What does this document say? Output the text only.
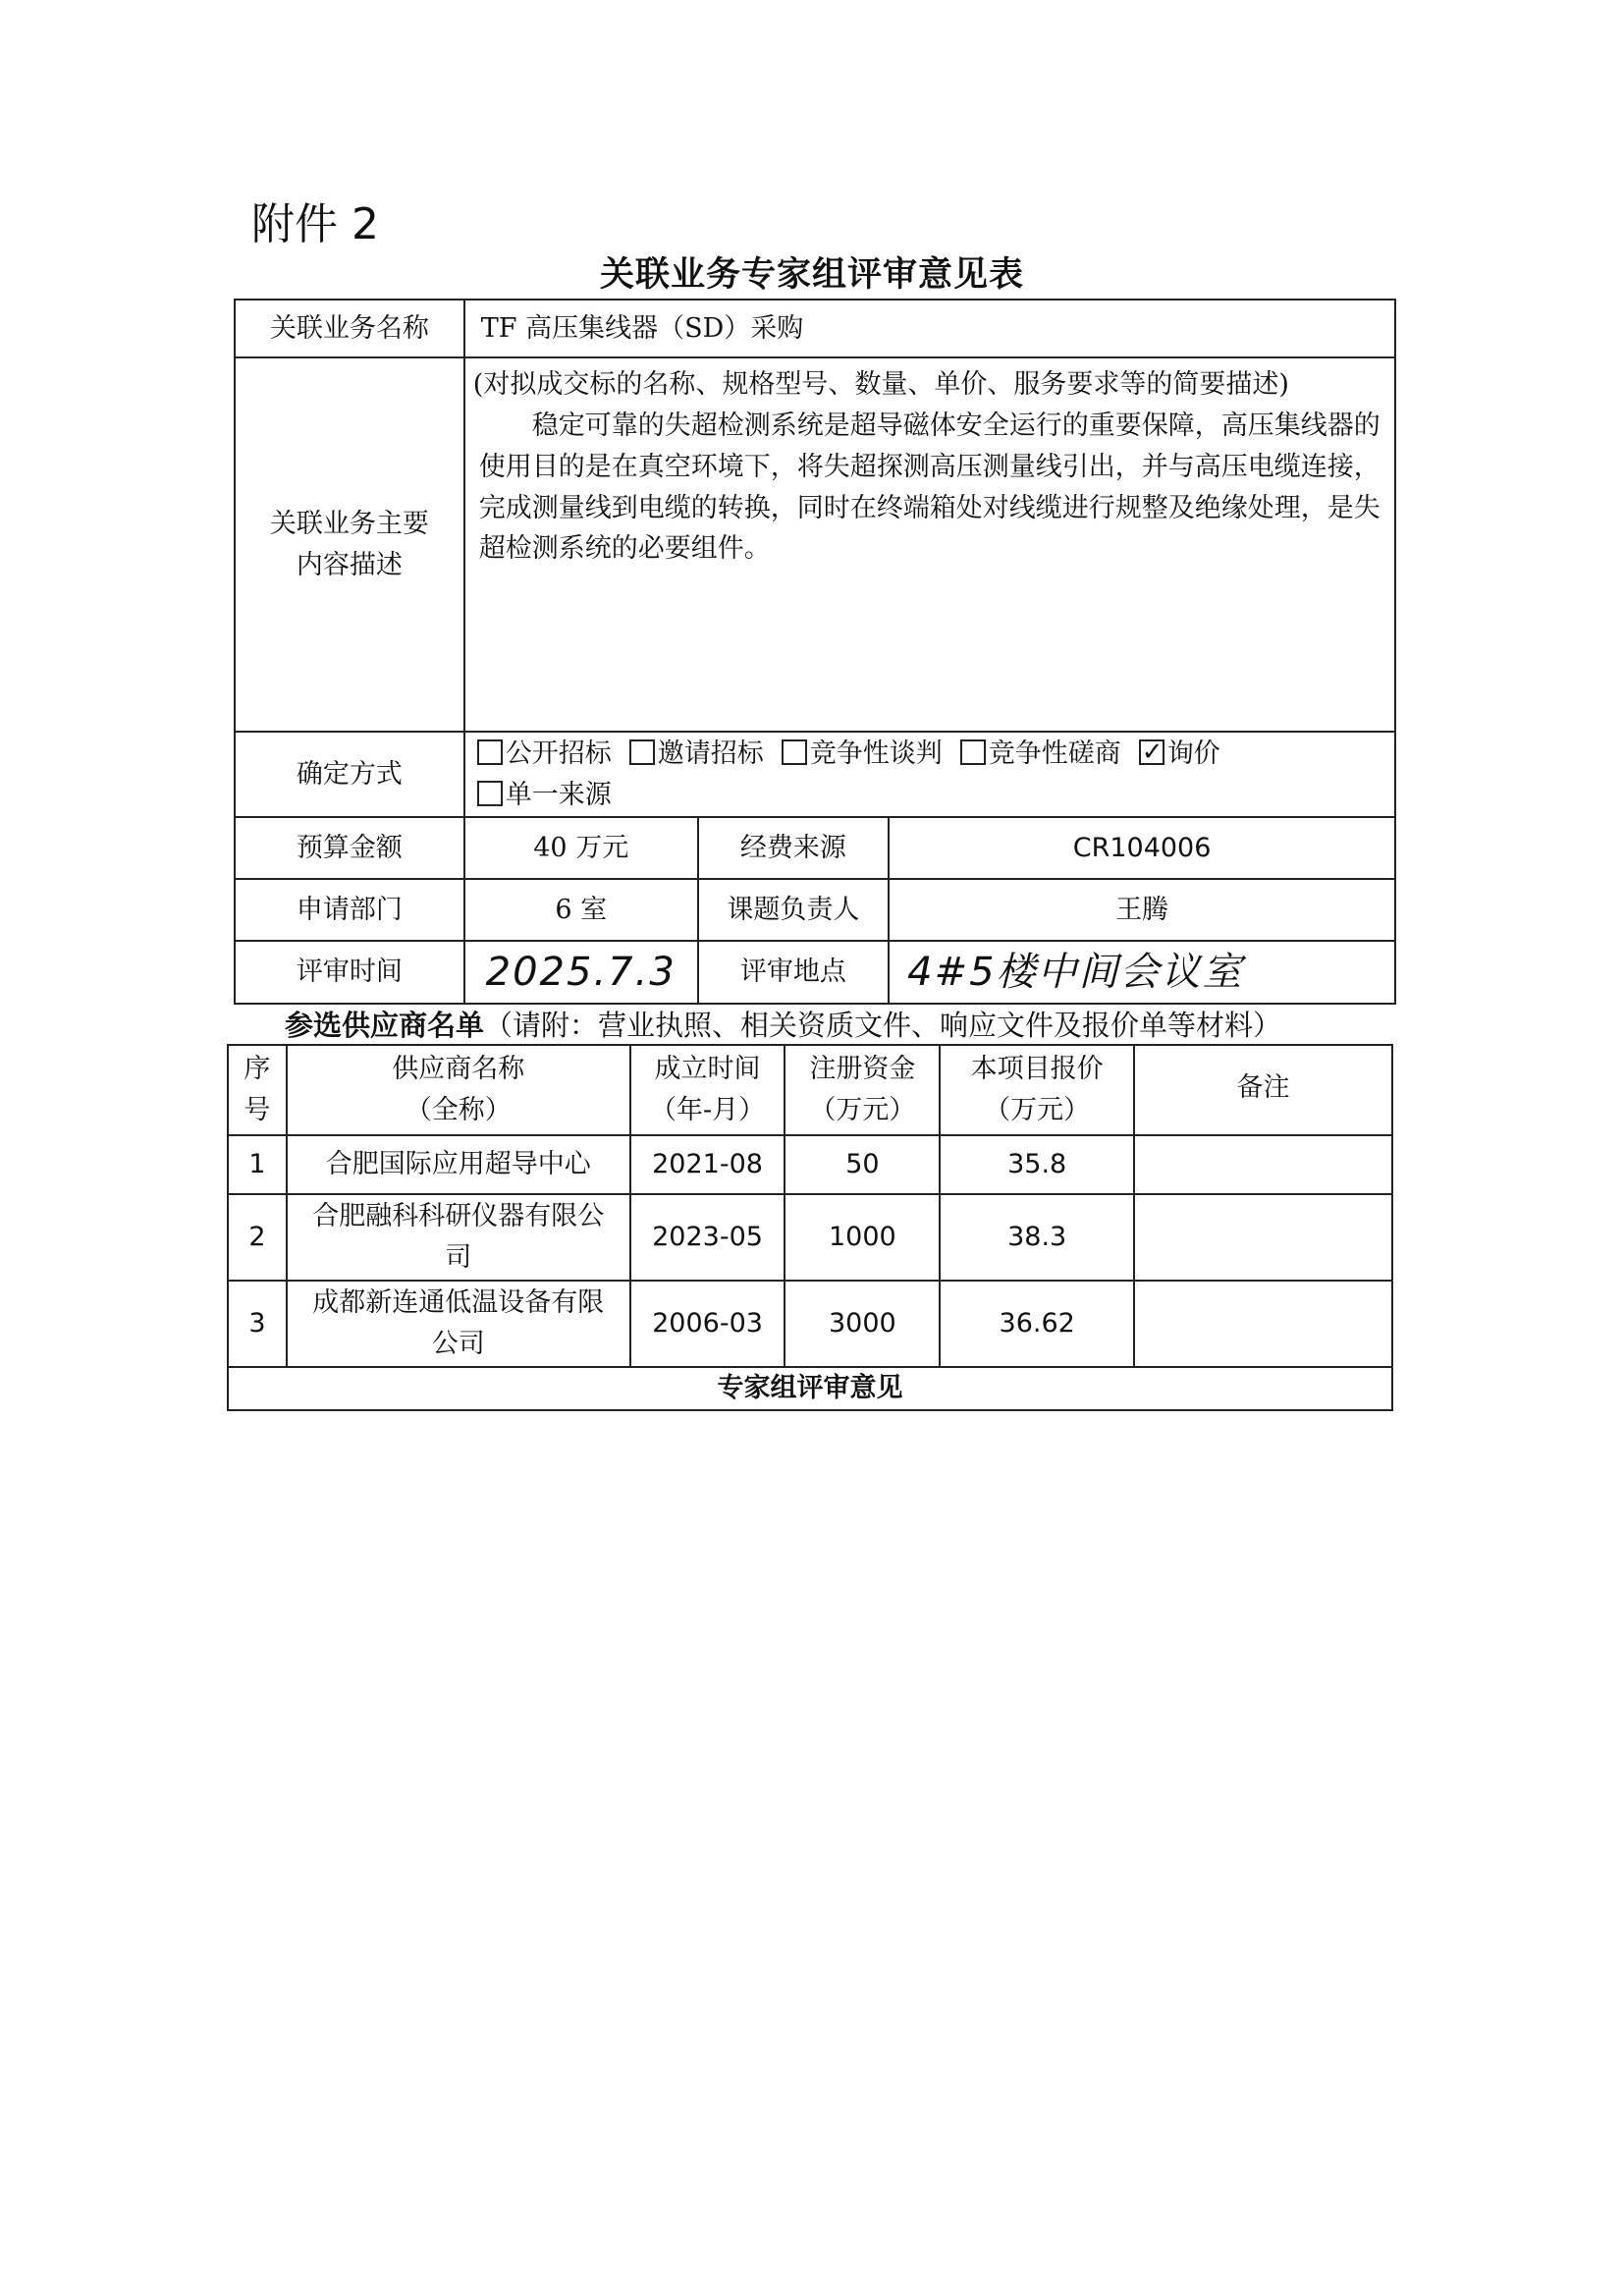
附件 2
关联业务专家组评审意见表
关联业务名称	TF 高压集线器（SD）采购		

关联业务主要内容描述	(对拟成交标的名称、规格型号、数量、单价、服务要求等的简要描述)
稳定可靠的失超检测系统是超导磁体安全运行的重要保障，高压集线器的使用目的是在真空环境下，将失超探测高压测量线引出，并与高压电缆连接，完成测量线到电缆的转换，同时在终端箱处对线缆进行规整及绝缘处理，是失超检测系统的必要组件。		

确定方式	公开招标 邀请招标 竞争性谈判 竞争性磋商 ✓ 询价
单一来源
预算金额	40 万元	经费来源	CR104006
申请部门	6 室	课题负责人	王腾
评审时间	2025.7.3	评审地点	4#5楼中间会议室
参选供应商名单（请附：营业执照、相关资质文件、响应文件及报价单等材料）
序号	供应商名称（全称）	成立时间（年-月）	注册资金（万元）	本项目报价（万元）	备注
1	合肥国际应用超导中心	2021-08	50	35.8	
2	合肥融科科研仪器有限公司	2023-05	1000	38.3	
3	成都新连通低温设备有限公司	2006-03	3000	36.62	
专家组评审意见					
